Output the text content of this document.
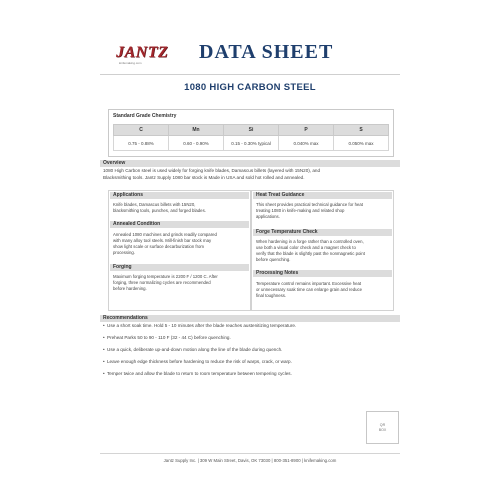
JANTZ
knifemaking.com	DATA SHEET
1080 HIGH CARBON STEEL
Standard Grade Chemistry
C	Mn	Si	P	S
0.75 - 0.88%	0.60 - 0.90%	0.15 - 0.30% typical	0.040% max	0.050% max
Overview
1080 High Carbon steel is used widely for forging knife blades, Damascus billets (layered with 15N20), and
Blacksmithing tools. Jantz Supply 1080 bar stock is Made in USA and sold hot rolled and annealed.
Applications
Knife blades, Damascus billets with 15N20,
blacksmithing tools, punches, and forged blades.
Annealed Condition
Annealed 1080 machines and grinds readily compared
with many alloy tool steels. Mill-finish bar stock may
show light scale or surface decarburization from
processing.
Forging
Maximum forging temperature is 2200 F / 1200 C. After
forging, three normalizing cycles are recommended
before hardening.
Heat Treat Guidance
This sheet provides practical technical guidance for heat
treating 1080 in knife-making and related shop
applications.
Forge Temperature Check
When hardening in a forge rather than a controlled oven,
use both a visual color check and a magnet check to
verify that the blade is slightly past the nonmagnetic point
before quenching.
Processing Notes
Temperature control remains important. Excessive heat
or unnecessary soak time can enlarge grain and reduce
final toughness.
Recommendations
• Use a short soak time. Hold 5 - 10 minutes after the blade reaches austenitizing temperature.
• Preheat Parks 50 to 90 - 110 F (32 - 44 C) before quenching.
• Use a quick, deliberate up-and-down motion along the line of the blade during quench.
• Leave enough edge thickness before hardening to reduce the risk of warps, crack, or warp.
• Temper twice and allow the blade to return to room temperature between tempering cycles.
QR
BOX
Jantz Supply Inc. | 309 W Main Street, Davis, OK 73030 | 800-351-8900 | knifemaking.com
